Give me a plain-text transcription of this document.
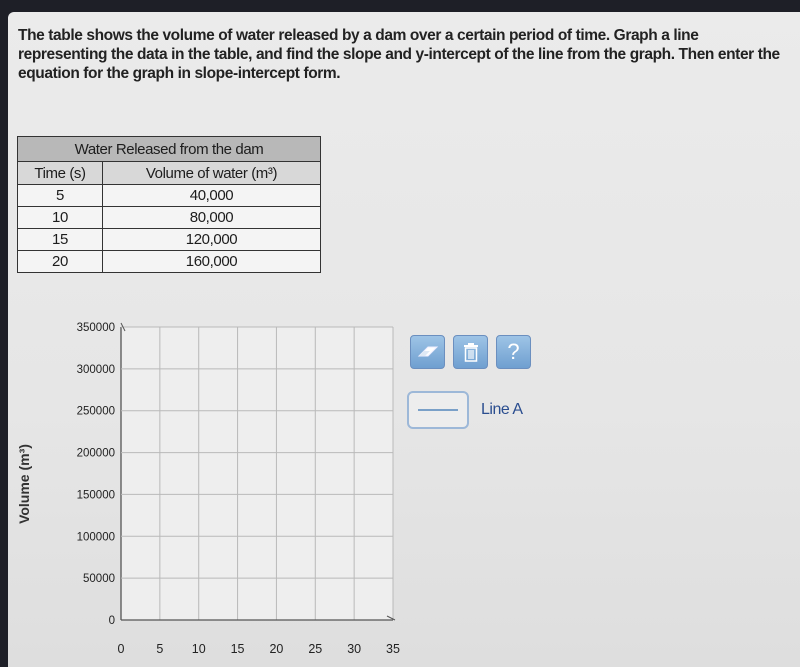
The table shows the volume of water released by a dam over a certain period of time. Graph a line representing the data in the table, and find the slope and y-intercept of the line from the graph. Then enter the equation for the graph in slope-intercept form.
Water Released from the dam	
Time (s)	Volume of water (m³)
5	40,000
10	80,000
15	120,000
20	160,000
Volume (m³)
350000
300000
250000
200000
150000
100000
50000
0
0	5 10 15 20 25 30 35
?
Line A
